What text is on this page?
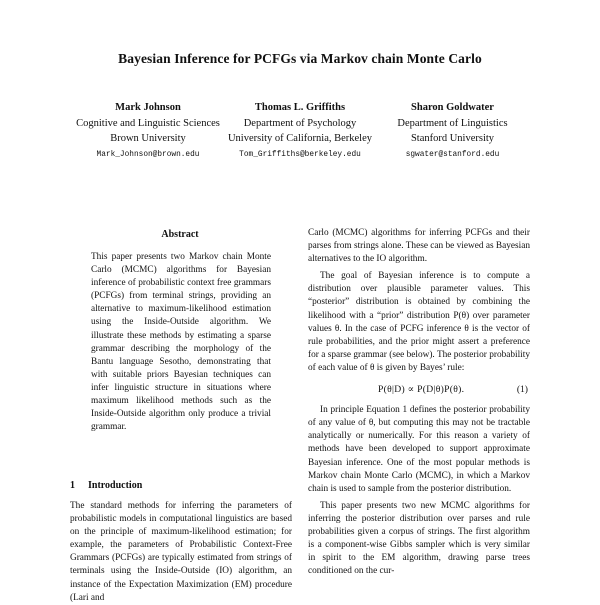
Bayesian Inference for PCFGs via Markov chain Monte Carlo
Mark Johnson
Cognitive and Linguistic Sciences
Brown University
Mark_Johnson@brown.edu
Thomas L. Griffiths
Department of Psychology
University of California, Berkeley
Tom_Griffiths@berkeley.edu
Sharon Goldwater
Department of Linguistics
Stanford University
sgwater@stanford.edu
Abstract

This paper presents two Markov chain Monte Carlo (MCMC) algorithms for Bayesian inference of probabilistic context free grammars (PCFGs) from terminal strings, providing an alternative to maximum-likelihood estimation using the Inside-Outside algorithm. We illustrate these methods by estimating a sparse grammar describing the morphology of the Bantu language Sesotho, demonstrating that with suitable priors Bayesian techniques can infer linguistic structure in situations where maximum likelihood methods such as the Inside-Outside algorithm only produce a trivial grammar.

1 Introduction

The standard methods for inferring the parameters of probabilistic models in computational linguistics are based on the principle of maximum-likelihood estimation; for example, the parameters of Probabilistic Context-Free Grammars (PCFGs) are typically estimated from strings of terminals using the Inside-Outside (IO) algorithm, an instance of the Expectation Maximization (EM) procedure (Lari and

Carlo (MCMC) algorithms for inferring PCFGs and their parses from strings alone. These can be viewed as Bayesian alternatives to the IO algorithm.

The goal of Bayesian inference is to compute a distribution over plausible parameter values. This “posterior” distribution is obtained by combining the likelihood with a “prior” distribution P(θ) over parameter values θ. In the case of PCFG inference θ is the vector of rule probabilities, and the prior might assert a preference for a sparse grammar (see below). The posterior probability of each value of θ is given by Bayes’ rule:

P(θ|D) ∝ P(D|θ)P(θ).	(1)

In principle Equation 1 defines the posterior probability of any value of θ, but computing this may not be tractable analytically or numerically. For this reason a variety of methods have been developed to support approximate Bayesian inference. One of the most popular methods is Markov chain Monte Carlo (MCMC), in which a Markov chain is used to sample from the posterior distribution.

This paper presents two new MCMC algorithms for inferring the posterior distribution over parses and rule probabilities given a corpus of strings. The first algorithm is a component-wise Gibbs sampler which is very similar in spirit to the EM algorithm, drawing parse trees conditioned on the cur-
